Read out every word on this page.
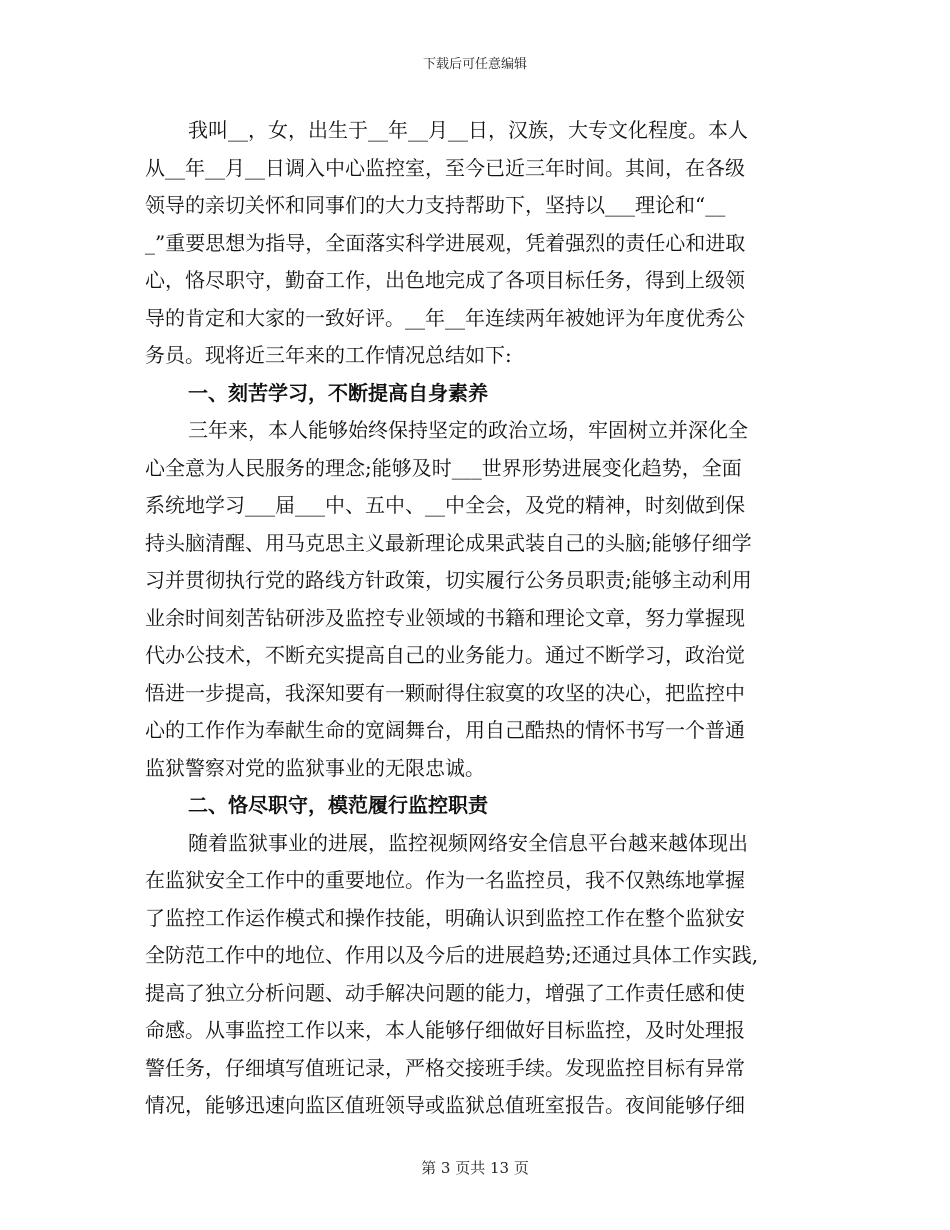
下载后可任意编辑
我叫__，女，出生于__年__月__日，汉族，大专文化程度。本人
从__年__月__日调入中心监控室，至今已近三年时间。其间，在各级
领导的亲切关怀和同事们的大力支持帮助下，坚持以___理论和“__
_”重要思想为指导，全面落实科学进展观，凭着强烈的责任心和进取
心，恪尽职守，勤奋工作，出色地完成了各项目标任务，得到上级领
导的肯定和大家的一致好评。__年__年连续两年被她评为年度优秀公
务员。现将近三年来的工作情况总结如下:
一、刻苦学习，不断提高自身素养
三年来，本人能够始终保持坚定的政治立场，牢固树立并深化全
心全意为人民服务的理念;能够及时___世界形势进展变化趋势，全面
系统地学习___届___中、五中、__中全会，及党的精神，时刻做到保
持头脑清醒、用马克思主义最新理论成果武装自己的头脑;能够仔细学
习并贯彻执行党的路线方针政策，切实履行公务员职责;能够主动利用
业余时间刻苦钻研涉及监控专业领域的书籍和理论文章，努力掌握现
代办公技术，不断充实提高自己的业务能力。通过不断学习，政治觉
悟进一步提高，我深知要有一颗耐得住寂寞的攻坚的决心，把监控中
心的工作作为奉献生命的宽阔舞台，用自己酷热的情怀书写一个普通
监狱警察对党的监狱事业的无限忠诚。
二、恪尽职守，模范履行监控职责
随着监狱事业的进展，监控视频网络安全信息平台越来越体现出
在监狱安全工作中的重要地位。作为一名监控员，我不仅熟练地掌握
了监控工作运作模式和操作技能，明确认识到监控工作在整个监狱安
全防范工作中的地位、作用以及今后的进展趋势;还通过具体工作实践,
提高了独立分析问题、动手解决问题的能力，增强了工作责任感和使
命感。从事监控工作以来，本人能够仔细做好目标监控，及时处理报
警任务，仔细填写值班记录，严格交接班手续。发现监控目标有异常
情况，能够迅速向监区值班领导或监狱总值班室报告。夜间能够仔细
第 3 页共 13 页
